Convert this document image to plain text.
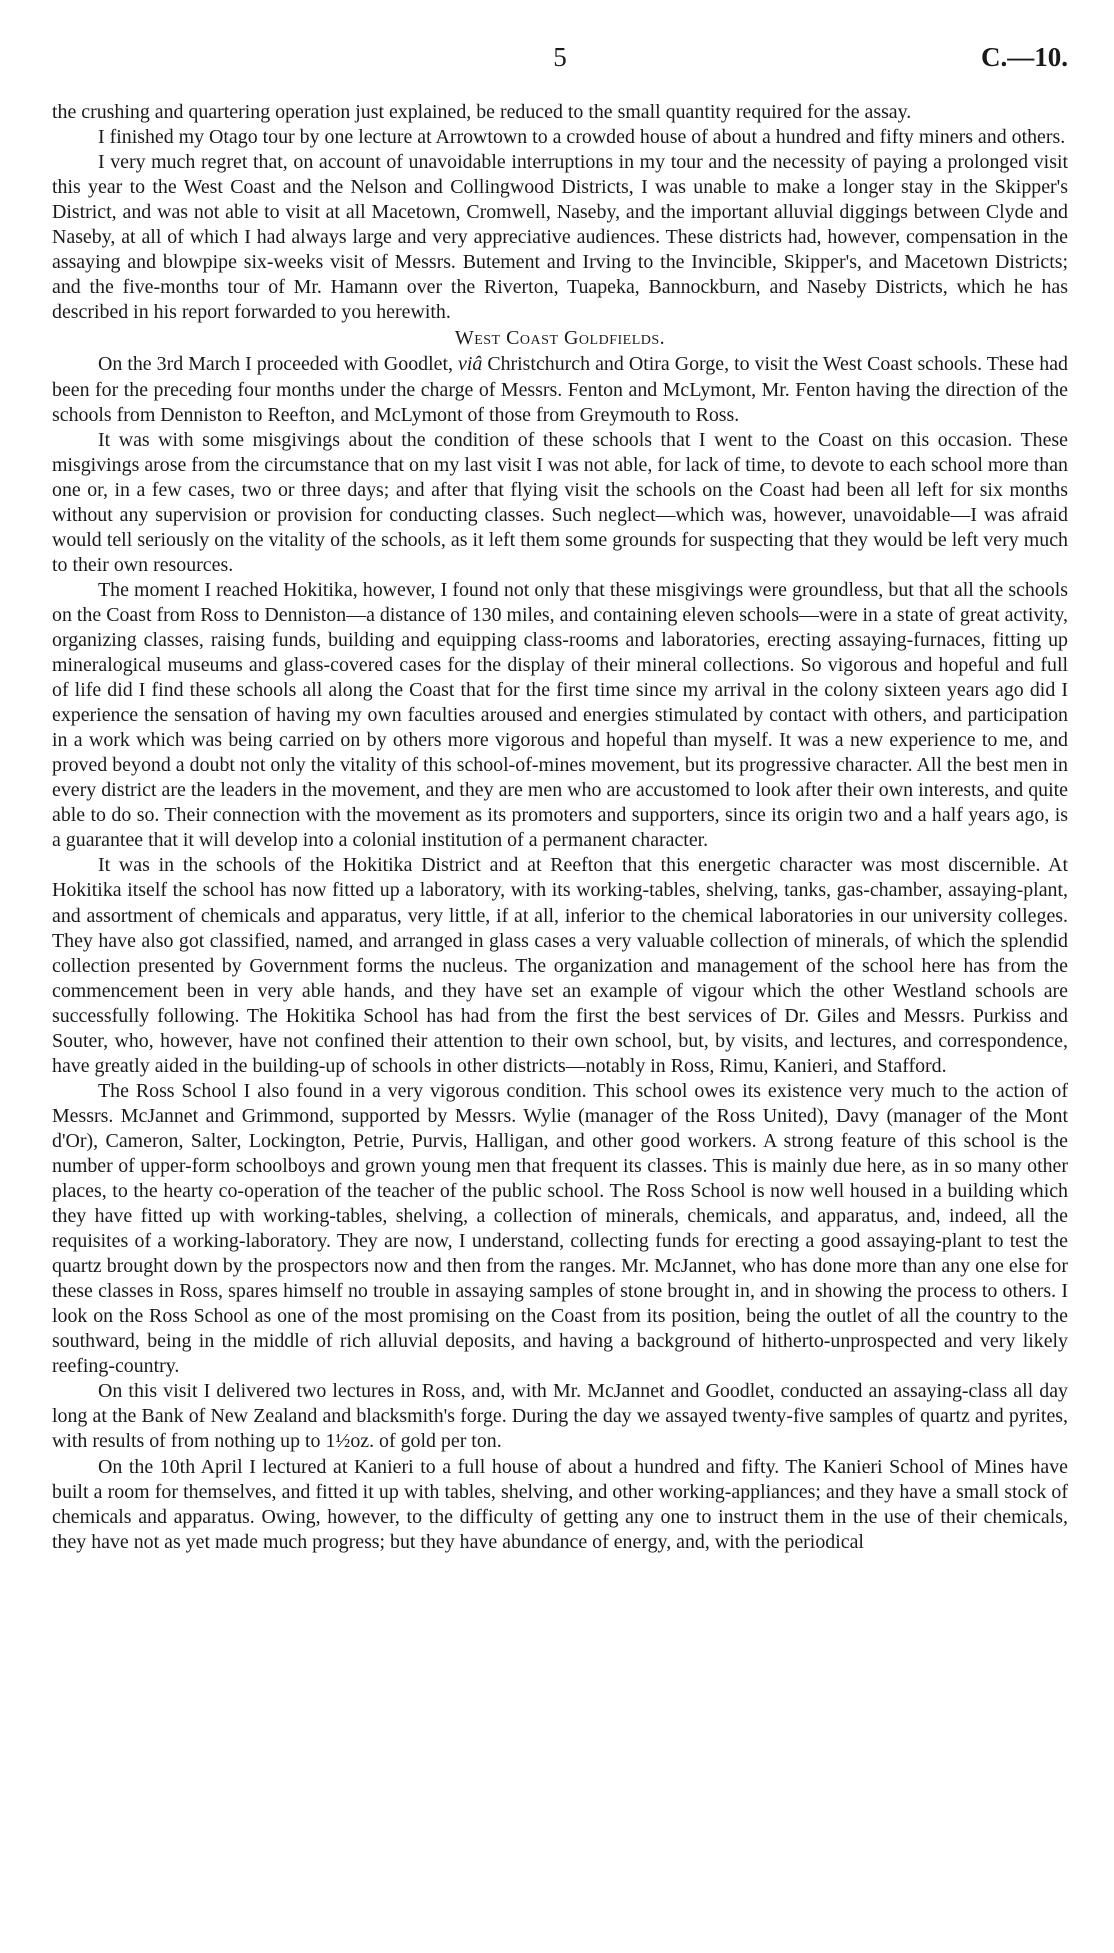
5	C.—10.

the crushing and quartering operation just explained, be reduced to the small quantity required for the assay.

I finished my Otago tour by one lecture at Arrowtown to a crowded house of about a hundred and fifty miners and others.

I very much regret that, on account of unavoidable interruptions in my tour and the necessity of paying a prolonged visit this year to the West Coast and the Nelson and Collingwood Districts, I was unable to make a longer stay in the Skipper's District, and was not able to visit at all Macetown, Cromwell, Naseby, and the important alluvial diggings between Clyde and Naseby, at all of which I had always large and very appreciative audiences. These districts had, however, compensation in the assaying and blowpipe six-weeks visit of Messrs. Butement and Irving to the Invincible, Skipper's, and Macetown Districts; and the five-months tour of Mr. Hamann over the Riverton, Tuapeka, Bannockburn, and Naseby Districts, which he has described in his report forwarded to you herewith.

West Coast Goldfields.

On the 3rd March I proceeded with Goodlet, viâ Christchurch and Otira Gorge, to visit the West Coast schools. These had been for the preceding four months under the charge of Messrs. Fenton and McLymont, Mr. Fenton having the direction of the schools from Denniston to Reefton, and McLymont of those from Greymouth to Ross.

It was with some misgivings about the condition of these schools that I went to the Coast on this occasion. These misgivings arose from the circumstance that on my last visit I was not able, for lack of time, to devote to each school more than one or, in a few cases, two or three days; and after that flying visit the schools on the Coast had been all left for six months without any supervision or provision for conducting classes. Such neglect—which was, however, unavoidable—I was afraid would tell seriously on the vitality of the schools, as it left them some grounds for suspecting that they would be left very much to their own resources.

The moment I reached Hokitika, however, I found not only that these misgivings were groundless, but that all the schools on the Coast from Ross to Denniston—a distance of 130 miles, and containing eleven schools—were in a state of great activity, organizing classes, raising funds, building and equipping class-rooms and laboratories, erecting assaying-furnaces, fitting up mineralogical museums and glass-covered cases for the display of their mineral collections. So vigorous and hopeful and full of life did I find these schools all along the Coast that for the first time since my arrival in the colony sixteen years ago did I experience the sensation of having my own faculties aroused and energies stimulated by contact with others, and participation in a work which was being carried on by others more vigorous and hopeful than myself. It was a new experience to me, and proved beyond a doubt not only the vitality of this school-of-mines movement, but its progressive character. All the best men in every district are the leaders in the movement, and they are men who are accustomed to look after their own interests, and quite able to do so. Their connection with the movement as its promoters and supporters, since its origin two and a half years ago, is a guarantee that it will develop into a colonial institution of a permanent character.

It was in the schools of the Hokitika District and at Reefton that this energetic character was most discernible. At Hokitika itself the school has now fitted up a laboratory, with its working-tables, shelving, tanks, gas-chamber, assaying-plant, and assortment of chemicals and apparatus, very little, if at all, inferior to the chemical laboratories in our university colleges. They have also got classified, named, and arranged in glass cases a very valuable collection of minerals, of which the splendid collection presented by Government forms the nucleus. The organization and management of the school here has from the commencement been in very able hands, and they have set an example of vigour which the other Westland schools are successfully following. The Hokitika School has had from the first the best services of Dr. Giles and Messrs. Purkiss and Souter, who, however, have not confined their attention to their own school, but, by visits, and lectures, and correspondence, have greatly aided in the building-up of schools in other districts—notably in Ross, Rimu, Kanieri, and Stafford.

The Ross School I also found in a very vigorous condition. This school owes its existence very much to the action of Messrs. McJannet and Grimmond, supported by Messrs. Wylie (manager of the Ross United), Davy (manager of the Mont d'Or), Cameron, Salter, Lockington, Petrie, Purvis, Halligan, and other good workers. A strong feature of this school is the number of upper-form schoolboys and grown young men that frequent its classes. This is mainly due here, as in so many other places, to the hearty co-operation of the teacher of the public school. The Ross School is now well housed in a building which they have fitted up with working-tables, shelving, a collection of minerals, chemicals, and apparatus, and, indeed, all the requisites of a working-laboratory. They are now, I understand, collecting funds for erecting a good assaying-plant to test the quartz brought down by the prospectors now and then from the ranges. Mr. McJannet, who has done more than any one else for these classes in Ross, spares himself no trouble in assaying samples of stone brought in, and in showing the process to others. I look on the Ross School as one of the most promising on the Coast from its position, being the outlet of all the country to the southward, being in the middle of rich alluvial deposits, and having a background of hitherto-unprospected and very likely reefing-country.

On this visit I delivered two lectures in Ross, and, with Mr. McJannet and Goodlet, conducted an assaying-class all day long at the Bank of New Zealand and blacksmith's forge. During the day we assayed twenty-five samples of quartz and pyrites, with results of from nothing up to 1½oz. of gold per ton.

On the 10th April I lectured at Kanieri to a full house of about a hundred and fifty. The Kanieri School of Mines have built a room for themselves, and fitted it up with tables, shelving, and other working-appliances; and they have a small stock of chemicals and apparatus. Owing, however, to the difficulty of getting any one to instruct them in the use of their chemicals, they have not as yet made much progress; but they have abundance of energy, and, with the periodical
